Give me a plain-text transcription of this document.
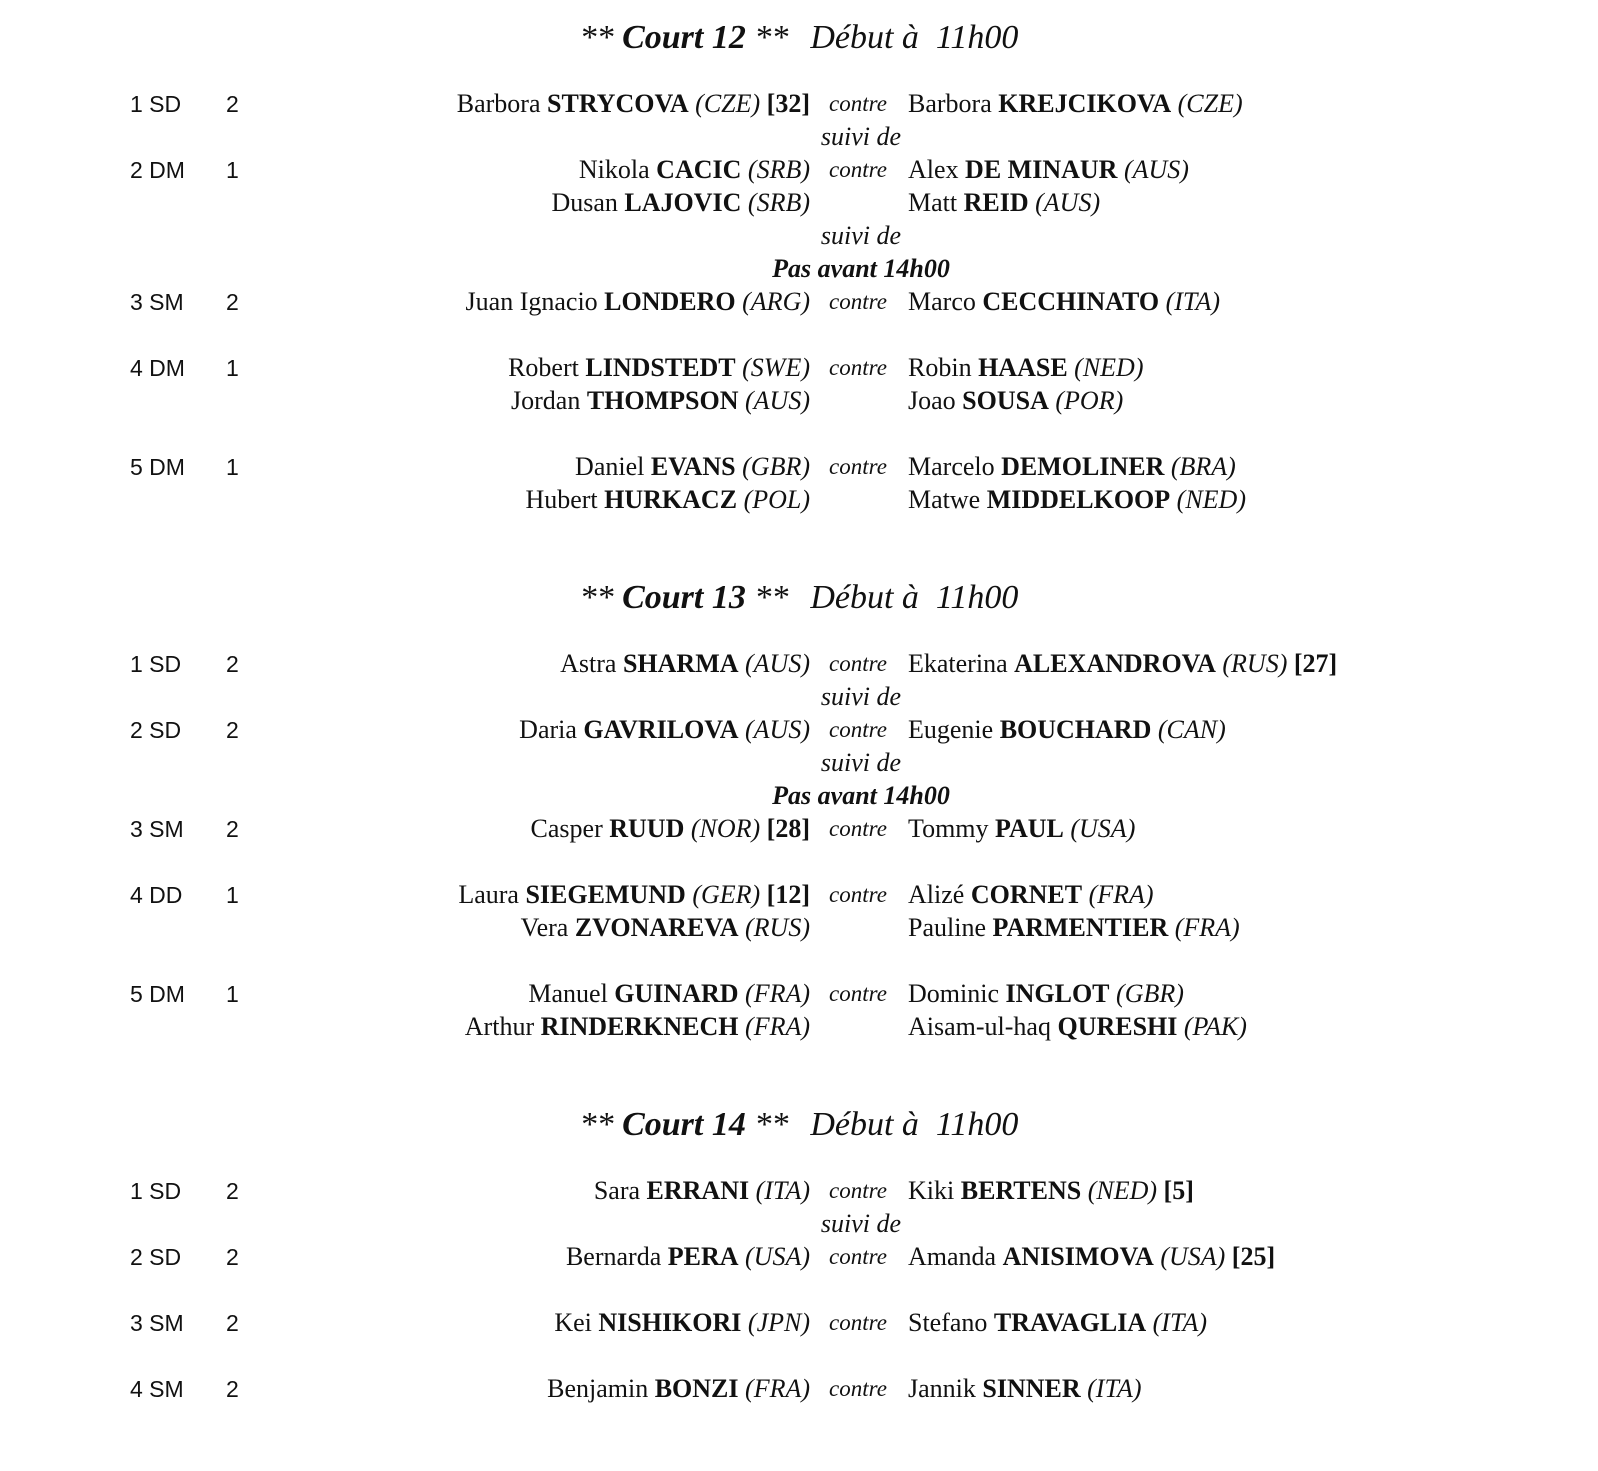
** Court 12 ** Début à  11h00
1 SD 2	Barbora STRYCOVA (CZE) [32] contre Barbora KREJCIKOVA (CZE)
suivi de
2 DM 1	Nikola CACIC (SRB) contre Alex DE MINAUR (AUS)
Dusan LAJOVIC (SRB)	Matt REID (AUS)
suivi de
Pas avant 14h00
3 SM 2	Juan Ignacio LONDERO (ARG) contre Marco CECCHINATO (ITA)
4 DM 1	Robert LINDSTEDT (SWE) contre Robin HAASE (NED)
Jordan THOMPSON (AUS)	Joao SOUSA (POR)
5 DM 1	Daniel EVANS (GBR) contre Marcelo DEMOLINER (BRA)
Hubert HURKACZ (POL)	Matwe MIDDELKOOP (NED)
** Court 13 ** Début à  11h00
1 SD 2	Astra SHARMA (AUS) contre Ekaterina ALEXANDROVA (RUS) [27]
suivi de
2 SD 2	Daria GAVRILOVA (AUS) contre Eugenie BOUCHARD (CAN)
suivi de
Pas avant 14h00
3 SM 2	Casper RUUD (NOR) [28] contre Tommy PAUL (USA)
4 DD 1	Laura SIEGEMUND (GER) [12] contre Alizé CORNET (FRA)
Vera ZVONAREVA (RUS)	Pauline PARMENTIER (FRA)
5 DM 1	Manuel GUINARD (FRA) contre Dominic INGLOT (GBR)
Arthur RINDERKNECH (FRA)	Aisam-ul-haq QURESHI (PAK)
** Court 14 ** Début à  11h00
1 SD 2	Sara ERRANI (ITA) contre Kiki BERTENS (NED) [5]
suivi de
2 SD 2	Bernarda PERA (USA) contre Amanda ANISIMOVA (USA) [25]
3 SM 2	Kei NISHIKORI (JPN) contre Stefano TRAVAGLIA (ITA)
4 SM 2	Benjamin BONZI (FRA) contre Jannik SINNER (ITA)
